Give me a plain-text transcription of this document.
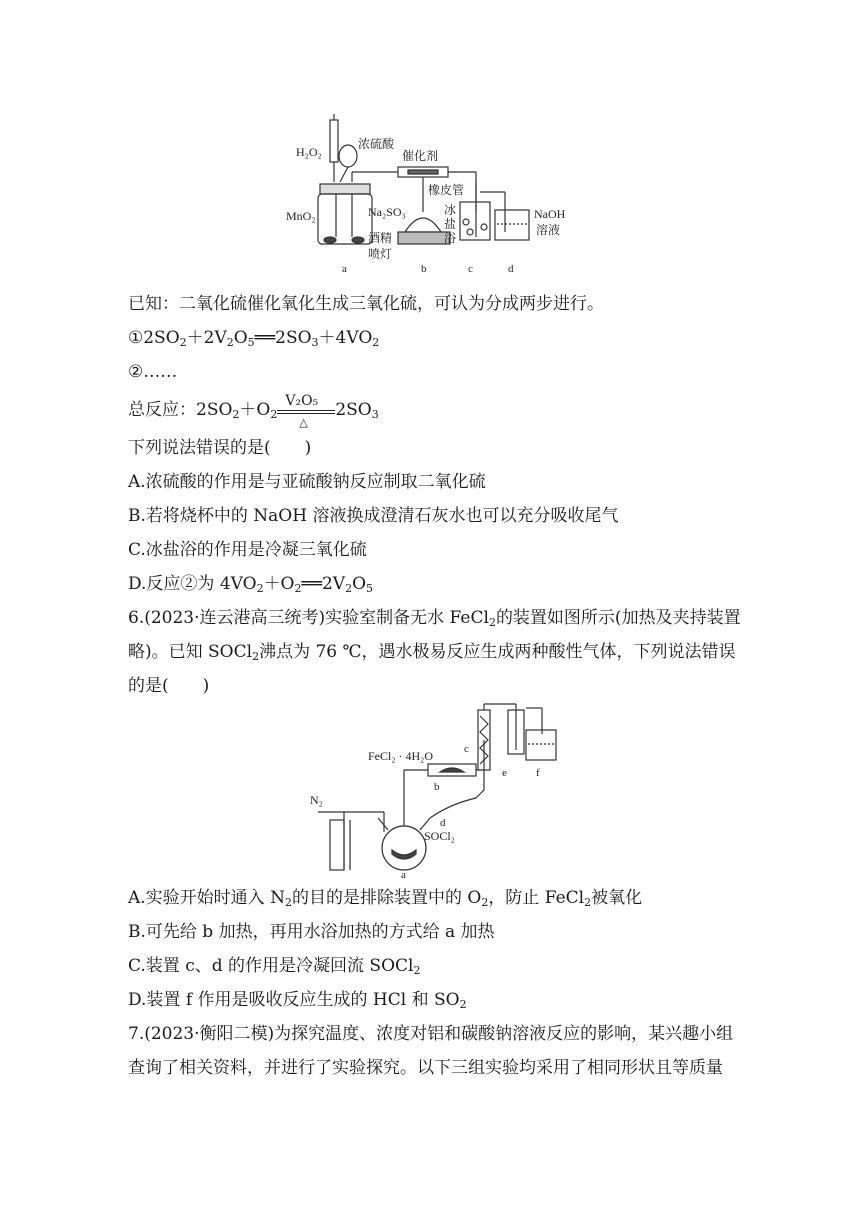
H₂O₂
浓硫酸
催化剂
橡皮管
MnO₂	Na₂SO₃
酒精
喷灯
冰
盐
浴
NaOH
溶液
a	b	c	d
已知：二氧化硫催化氧化生成三氧化硫，可认为分成两步进行。
$①2SO_2+2V_2O_5══2SO_3+4VO_2$
②……
总反应：$2SO_2+O_2 \frac{\text{V₂O₅}}{\triangle} 2SO_3$
下列说法错误的是(　　)
A.浓硫酸的作用是与亚硫酸钠反应制取二氧化硫
B.若将烧杯中的 NaOH 溶液换成澄清石灰水也可以充分吸收尾气
C.冰盐浴的作用是冷凝三氧化硫
D.反应②为 $4VO_2+O_2══2V_2O_5$
6.(2023·连云港高三统考)实验室制备无水 FeCl$_2$的装置如图所示(加热及夹持装置
略)。已知 SOCl$_2$沸点为 76 ℃，遇水极易反应生成两种酸性气体，下列说法错误
的是(　　)
FeCl₂ · 4H₂O
N₂
SOCl₂
a
b
c
d
e	f
A.实验开始时通入 $N_2$的目的是排除装置中的 $O_2$，防止 FeCl$_2$被氧化
B.可先给 b 加热，再用水浴加热的方式给 a 加热
C.装置 c、d 的作用是冷凝回流 SOCl$_2$
D.装置 f 作用是吸收反应生成的 HCl 和 $SO_2$
7.(2023·衡阳二模)为探究温度、浓度对铝和碳酸钠溶液反应的影响，某兴趣小组
查询了相关资料，并进行了实验探究。以下三组实验均采用了相同形状且等质量
